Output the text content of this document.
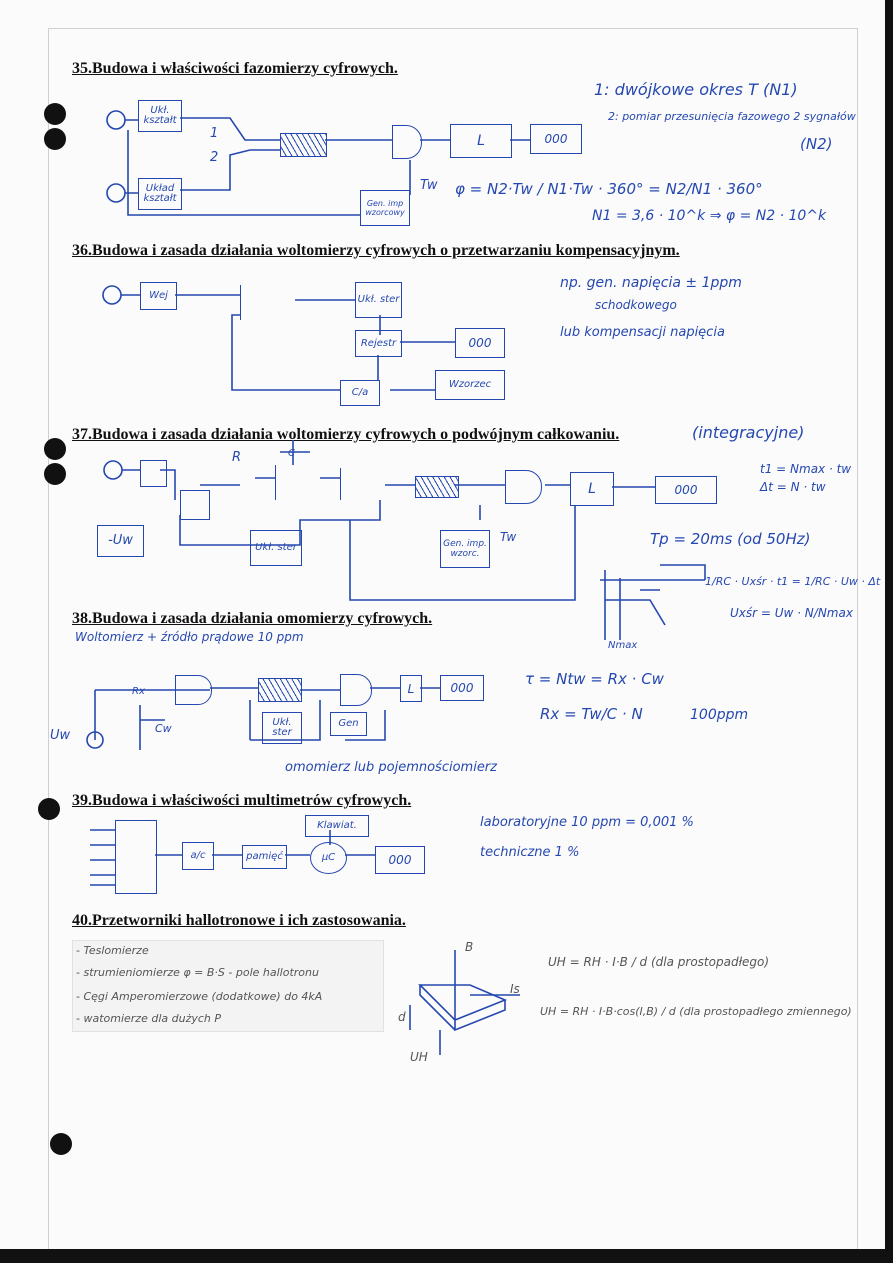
35.Budowa i właściwości fazomierzy cyfrowych.
36.Budowa i zasada działania woltomierzy cyfrowych o przetwarzaniu kompensacyjnym.
37.Budowa i zasada działania woltomierzy cyfrowych o podwójnym całkowaniu.
38.Budowa i zasada działania omomierzy cyfrowych.
39.Budowa i właściwości multimetrów cyfrowych.
40.Przetworniki hallotronowe i ich zastosowania.
Ukł. kształt
Układ kształt
1
2
L	000
Gen. imp wzorcowy
Tw
1: dwójkowe okres T (N1)
2: pomiar przesunięcia fazowego 2 sygnałów
(N2)
φ = N2·Tw / N1·Tw · 360° = N2/N1 · 360°
N1 = 3,6 · 10^k ⇒ φ = N2 · 10^k
Wej	Ukł. ster
Rejestr	000
C/a
Wzorzec
np. gen. napięcia ± 1ppm
schodkowego
lub kompensacji napięcia
(integracyjne)
-Uw
R	C
L	000
Ukł. ster	Gen. imp. wzorc.
Tw
t1 = Nmax · tw
Δt = N · tw
Tp = 20ms (od 50Hz)
1/RC · Uxśr · t1 = 1/RC · Uw · Δt
Uxśr = Uw · N/Nmax
Nmax
Woltomierz + źródło prądowe 10 ppm
Uw
Rx
Cw
L	000
Ukł. ster
Gen
τ = Ntw = Rx · Cw
Rx = Tw/C · N	100ppm
omomierz lub pojemnościomierz
a/c	pamięć
Klawiat.
μC	000
laboratoryjne 10 ppm = 0,001 %
techniczne 1 %
- Teslomierze
- strumieniomierze φ = B·S - pole hallotronu
- Cęgi Amperomierzowe (dodatkowe) do 4kA
- watomierze dla dużych P
B
Is
d
UH
UH = RH · I·B / d (dla prostopadłego)
UH = RH · I·B·cos(I,B) / d (dla prostopadłego zmiennego)
